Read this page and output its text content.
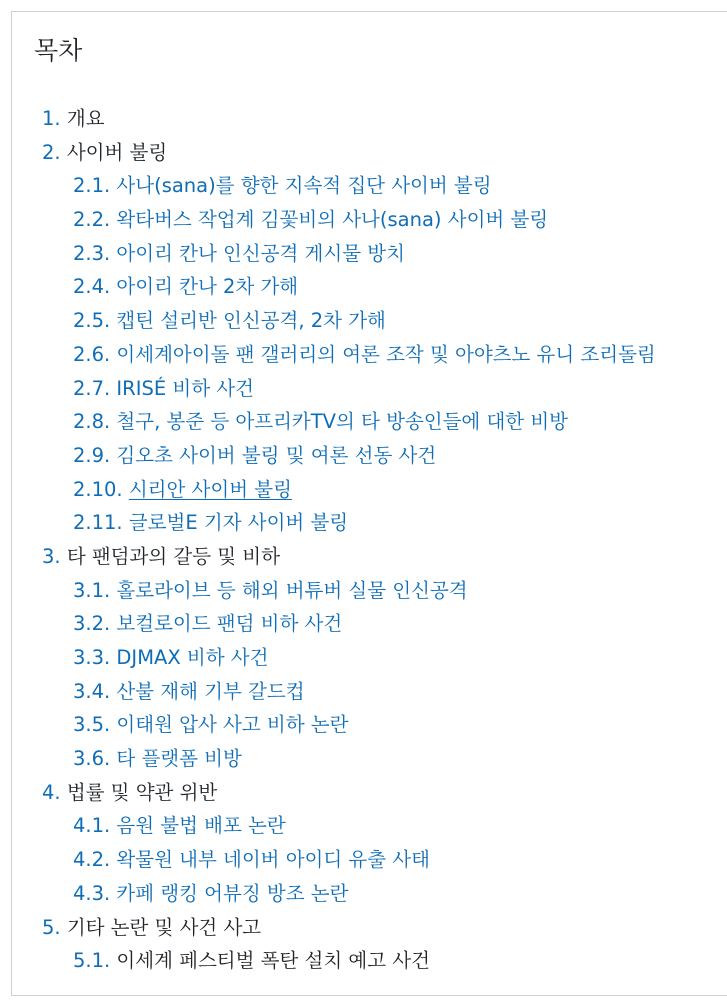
목차
1. 개요
2. 사이버 불링
2.1. 사나(sana)를 향한 지속적 집단 사이버 불링
2.2. 왁타버스 작업계 김꽃비의 사나(sana) 사이버 불링
2.3. 아이리 칸나 인신공격 게시물 방치
2.4. 아이리 칸나 2차 가해
2.5. 캡틴 설리반 인신공격, 2차 가해
2.6. 이세계아이돌 팬 갤러리의 여론 조작 및 아야츠노 유니 조리돌림
2.7. IRISÉ 비하 사건
2.8. 철구, 봉준 등 아프리카TV의 타 방송인들에 대한 비방
2.9. 김오초 사이버 불링 및 여론 선동 사건
2.10. 시리안 사이버 불링
2.11. 글로벌E 기자 사이버 불링
3. 타 팬덤과의 갈등 및 비하
3.1. 홀로라이브 등 해외 버튜버 실물 인신공격
3.2. 보컬로이드 팬덤 비하 사건
3.3. DJMAX 비하 사건
3.4. 산불 재해 기부 갈드컵
3.5. 이태원 압사 사고 비하 논란
3.6. 타 플랫폼 비방
4. 법률 및 약관 위반
4.1. 음원 불법 배포 논란
4.2. 왁물원 내부 네이버 아이디 유출 사태
4.3. 카페 랭킹 어뷰징 방조 논란
5. 기타 논란 및 사건 사고
5.1. 이세계 페스티벌 폭탄 설치 예고 사건
